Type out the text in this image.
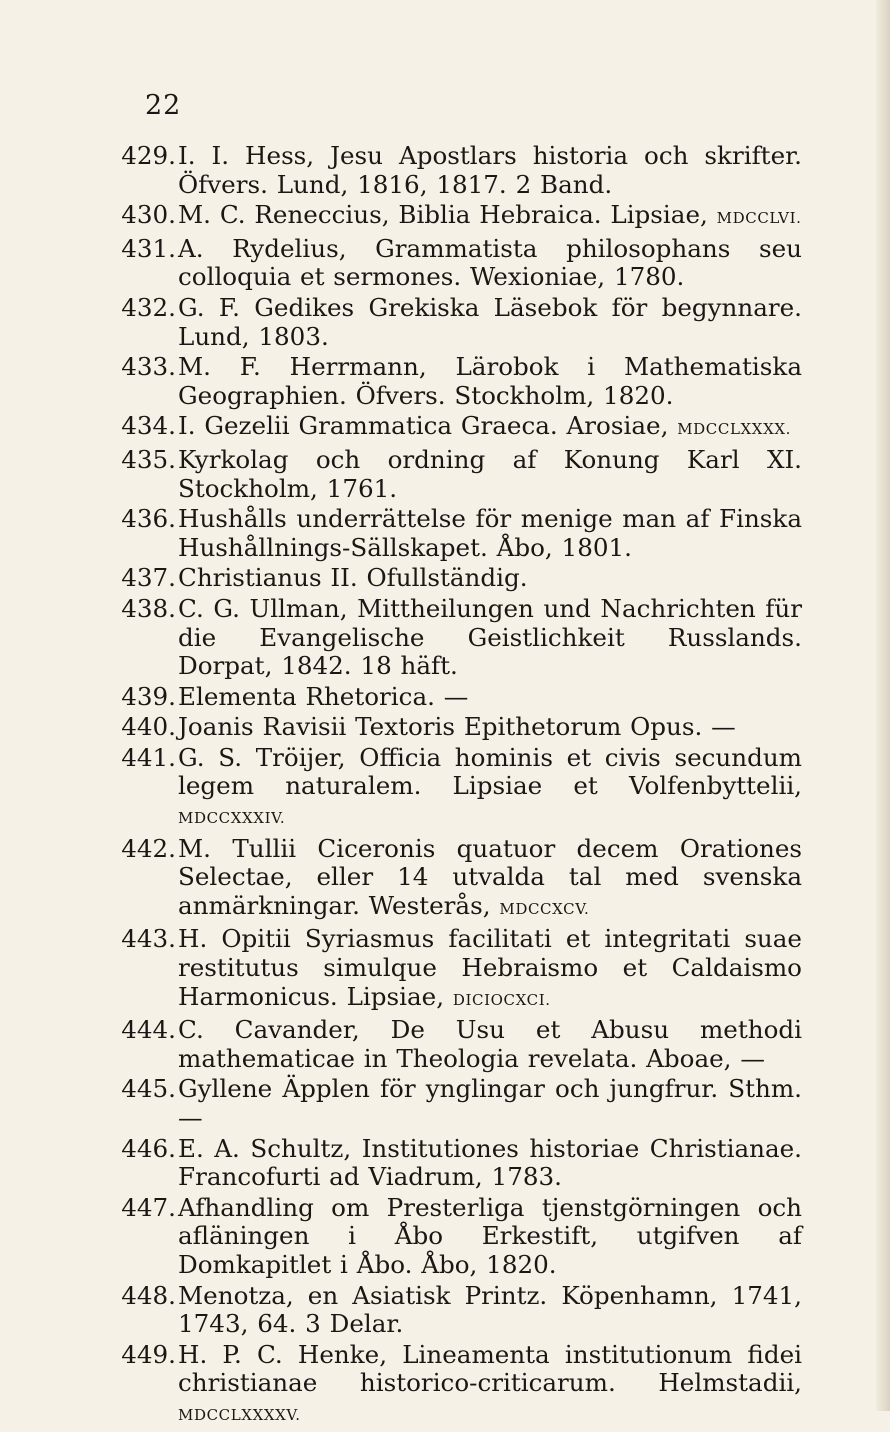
22
429. I. I. Hess, Jesu Apostlars historia och skrifter. Öfvers. Lund, 1816, 1817. 2 Band.
430. M. C. Reneccius, Biblia Hebraica. Lipsiae, MDCCLVI.
431. A. Rydelius, Grammatista philosophans seu colloquia et sermones. Wexioniae, 1780.
432. G. F. Gedikes Grekiska Läsebok för begynnare. Lund, 1803.
433. M. F. Herrmann, Lärobok i Mathematiska Geographien. Öfvers. Stockholm, 1820.
434. I. Gezelii Grammatica Graeca. Arosiae, MDCCLXXXX.
435. Kyrkolag och ordning af Konung Karl XI. Stockholm, 1761.
436. Hushålls underrättelse för menige man af Finska Hushållnings-Sällskapet. Åbo, 1801.
437. Christianus II. Ofullständig.
438. C. G. Ullman, Mittheilungen und Nachrichten für die Evangelische Geistlichkeit Russlands. Dorpat, 1842. 18 häft.
439. Elementa Rhetorica. —
440. Joanis Ravisii Textoris Epithetorum Opus. —
441. G. S. Tröijer, Officia hominis et civis secundum legem naturalem. Lipsiae et Volfenbyttelii, MDCCXXXIV.
442. M. Tullii Ciceronis quatuor decem Orationes Selectae, eller 14 utvalda tal med svenska anmärkningar. Westerås, MDCCXCV.
443. H. Opitii Syriasmus facilitati et integritati suae restitutus simulque Hebraismo et Caldaismo Harmonicus. Lipsiae, DICIOCXCI.
444. C. Cavander, De Usu et Abusu methodi mathematicae in Theologia revelata. Aboae, —
445. Gyllene Äpplen för ynglingar och jungfrur. Sthm. —
446. E. A. Schultz, Institutiones historiae Christianae. Francofurti ad Viadrum, 1783.
447. Afhandling om Presterliga tjenstgörningen och afläningen i Åbo Erkestift, utgifven af Domkapitlet i Åbo. Åbo, 1820.
448. Menotza, en Asiatisk Printz. Köpenhamn, 1741, 1743, 64. 3 Delar.
449. H. P. C. Henke, Lineamenta institutionum fidei christianae historico-criticarum. Helmstadii, MDCCLXXXXV.
